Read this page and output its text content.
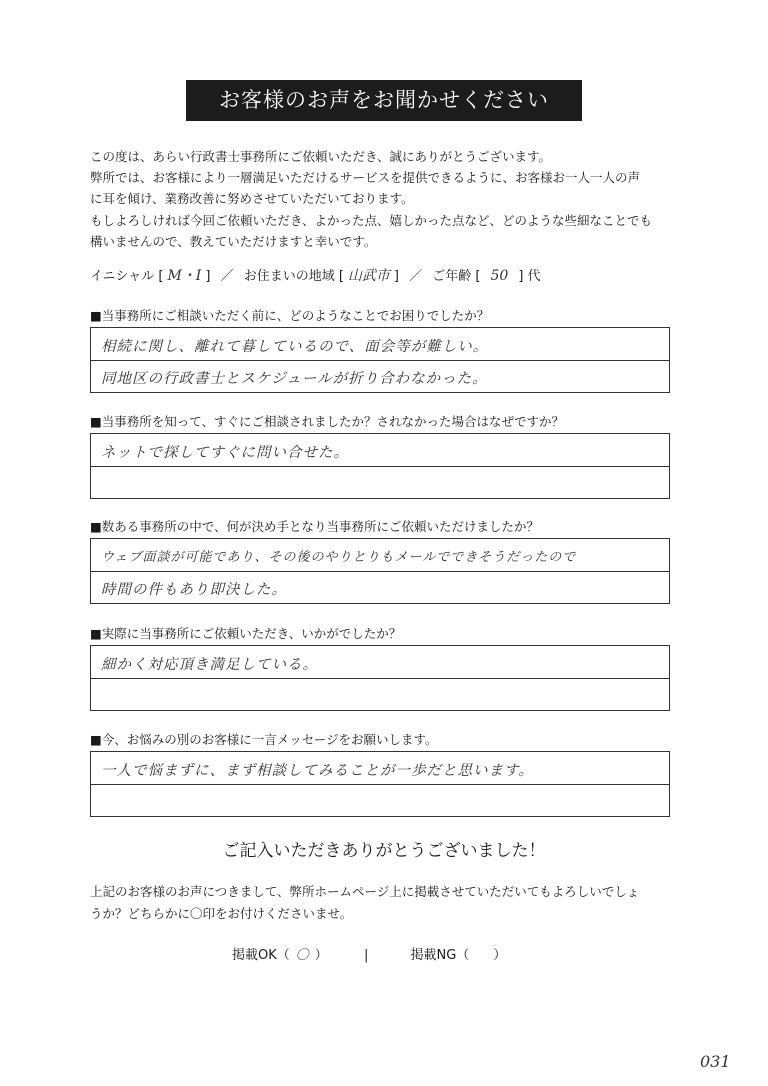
お客様のお声をお聞かせください

この度は、あらい行政書士事務所にご依頼いただき、誠にありがとうございます。

弊所では、お客様により一層満足いただけるサービスを提供できるように、お客様お一人一人の声

に耳を傾け、業務改善に努めさせていただいております。

もしよろしければ今回ご依頼いただき、よかった点、嬉しかった点など、どのような些細なことでも

構いませんので、教えていただけますと幸いです。

イニシャル [ M・I ] ／ お住まいの地域 [ 山武市 ] ／ ご年齢 [ 50 ] 代
■当事務所にご相談いただく前に、どのようなことでお困りでしたか？
相続に関し、離れて暮しているので、面会等が難しい。
同地区の行政書士とスケジュールが折り合わなかった。
■当事務所を知って、すぐにご相談されましたか？されなかった場合はなぜですか？
ネットで探してすぐに問い合せた。
■数ある事務所の中で、何が決め手となり当事務所にご依頼いただけましたか？
ウェブ面談が可能であり、その後のやりとりもメールでできそうだったので
時間の件もあり即決した。
■実際に当事務所にご依頼いただき、いかがでしたか？
細かく対応頂き満足している。
■今、お悩みの別のお客様に一言メッセージをお願いします。
一人で悩まずに、まず相談してみることが一歩だと思います。
ご記入いただきありがとうございました！

上記のお客様のお声につきまして、弊所ホームページ上に掲載させていただいてもよろしいでしょ

うか？どちらかに〇印をお付けくださいませ。

掲載OK（ 〇 ）	|	掲載NG（ ）
031
